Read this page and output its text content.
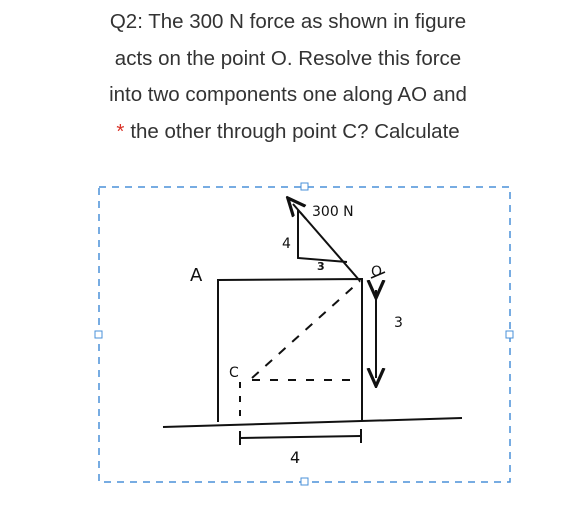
Q2: The 300 N force as shown in figure
acts on the point O. Resolve this force
into two components one along AO and
* the other through point C? Calculate
300 N
4
3
A	O
C
3
4
